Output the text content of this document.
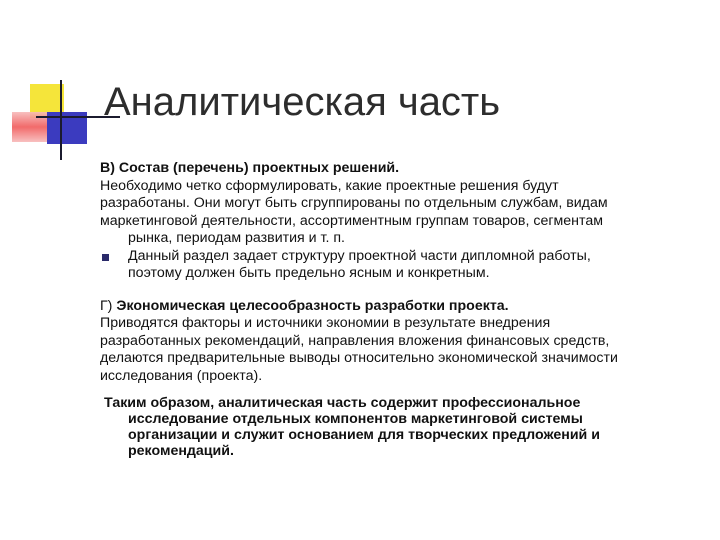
Аналитическая часть

В) Состав (перечень) проектных решений.

Необходимо четко сформулировать, какие проектные решения будут

разработаны. Они могут быть сгруппированы по отдельным службам, видам

маркетинговой деятельности, ассортиментным группам товаров, сегментам

рынка, периодам развития и т. п.

Данный раздел задает структуру проектной части дипломной работы,

поэтому должен быть предельно ясным и конкретным.

Г) Экономическая целесообразность разработки проекта.

Приводятся факторы и источники экономии в результате внедрения

разработанных рекомендаций, направления вложения финансовых средств,

делаются предварительные выводы относительно экономической значимости

исследования (проекта).

Таким образом, аналитическая часть содержит профессиональное

исследование отдельных компонентов маркетинговой системы

организации и служит основанием для творческих предложений и

рекомендаций.
